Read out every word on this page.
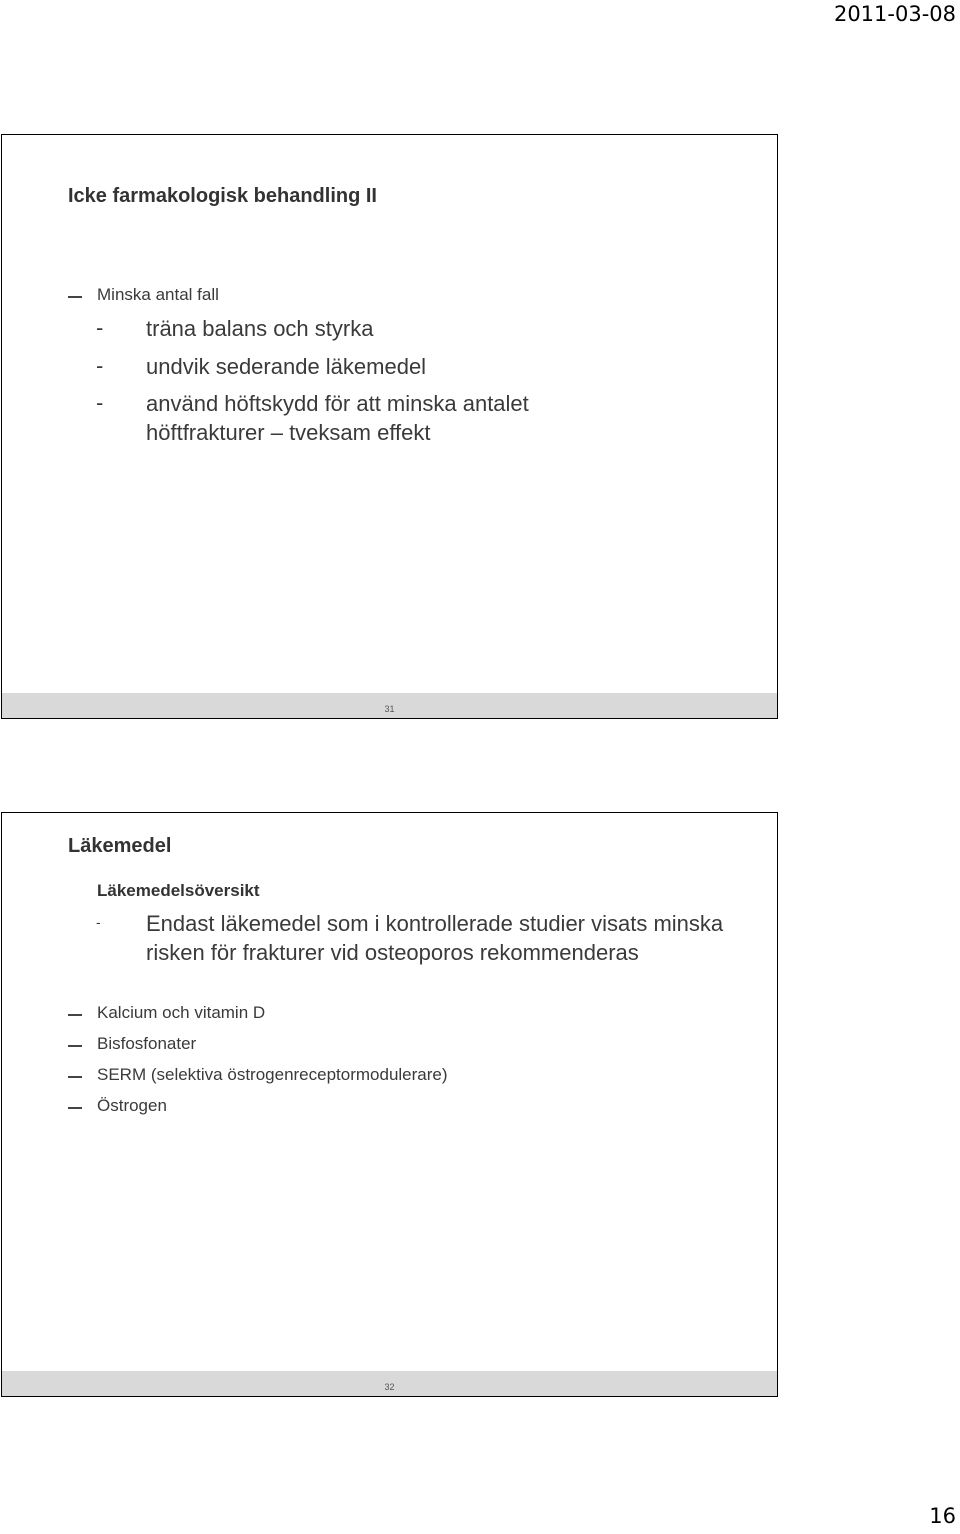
2011-03-08
Icke farmakologisk behandling II
Minska antal fall
- träna balans och styrka
- undvik sederande läkemedel
- använd höftskydd för att minska antalet höftfrakturer – tveksam effekt
31
Läkemedel
Läkemedelsöversikt
- Endast läkemedel som i kontrollerade studier visats minska risken för frakturer vid osteoporos rekommenderas
Kalcium och vitamin D
Bisfosfonater
SERM (selektiva östrogenreceptormodulerare)
Östrogen
32
16
